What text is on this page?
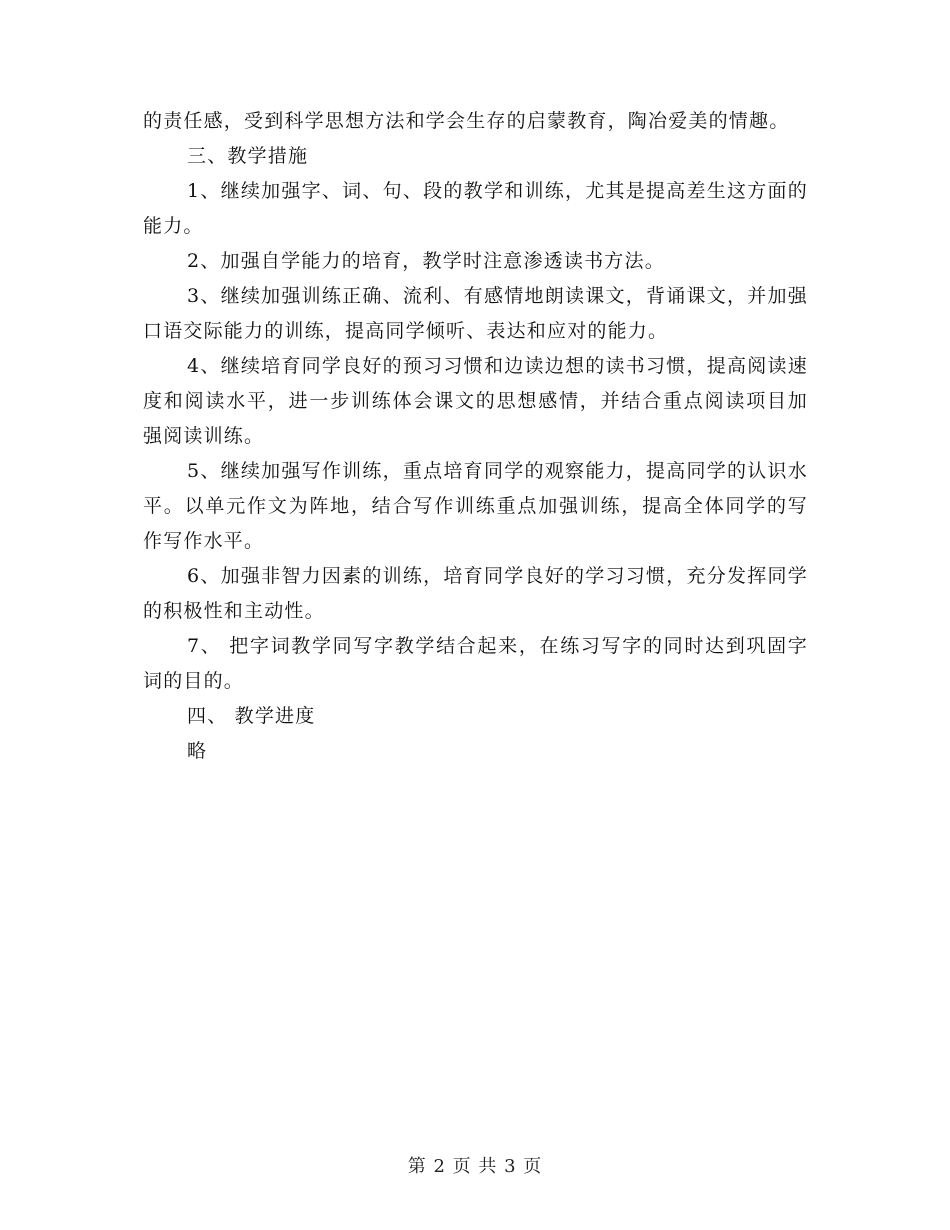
的责任感，受到科学思想方法和学会生存的启蒙教育，陶冶爱美的情趣。

三、教学措施

1、继续加强字、词、句、段的教学和训练，尤其是提高差生这方面的能力。

2、加强自学能力的培育，教学时注意渗透读书方法。

3、继续加强训练正确、流利、有感情地朗读课文，背诵课文，并加强口语交际能力的训练，提高同学倾听、表达和应对的能力。

4、继续培育同学良好的预习习惯和边读边想的读书习惯，提高阅读速度和阅读水平，进一步训练体会课文的思想感情，并结合重点阅读项目加强阅读训练。

5、继续加强写作训练，重点培育同学的观察能力，提高同学的认识水平。以单元作文为阵地，结合写作训练重点加强训练，提高全体同学的写作写作水平。

6、加强非智力因素的训练，培育同学良好的学习习惯，充分发挥同学的积极性和主动性。

7、 把字词教学同写字教学结合起来，在练习写字的同时达到巩固字词的目的。

四、 教学进度

略

第 2 页 共 3 页
